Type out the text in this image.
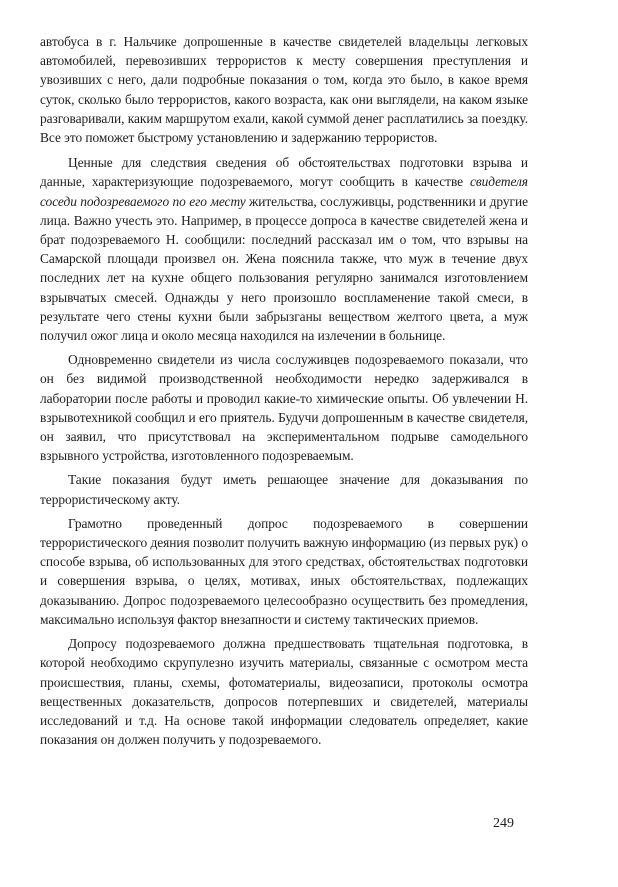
автобуса в г. Нальчике допрошенные в качестве свидетелей владельцы легковых автомобилей, перевозивших террористов к месту совершения преступления и увозивших с него, дали подробные показания о том, когда это было, в какое время суток, сколько было террористов, какого возраста, как они выглядели, на каком языке разговаривали, каким маршрутом ехали, какой суммой денег расплатились за поездку. Все это поможет быстрому установлению и задержанию террористов.

Ценные для следствия сведения об обстоятельствах подготовки взрыва и данные, характеризующие подозреваемого, могут сообщить в качестве свидетеля соседи подозреваемого по его месту жительства, сослуживцы, родственники и другие лица. Важно учесть это. Например, в процессе допроса в качестве свидетелей жена и брат подозреваемого Н. сообщили: последний рассказал им о том, что взрывы на Самарской площади произвел он. Жена пояснила также, что муж в течение двух последних лет на кухне общего пользования регулярно занимался изготовлением взрывчатых смесей. Однажды у него произошло воспламенение такой смеси, в результате чего стены кухни были забрызганы веществом желтого цвета, а муж получил ожог лица и около месяца находился на излечении в больнице.

Одновременно свидетели из числа сослуживцев подозреваемого показали, что он без видимой производственной необходимости нередко задерживался в лаборатории после работы и проводил какие-то химические опыты. Об увлечении Н. взрывотехникой сообщил и его приятель. Будучи допрошенным в качестве свидетеля, он заявил, что присутствовал на экспериментальном подрыве самодельного взрывного устройства, изготовленного подозреваемым.

Такие показания будут иметь решающее значение для доказывания по террористическому акту.

Грамотно проведенный допрос подозреваемого в совершении террористического деяния позволит получить важную информацию (из первых рук) о способе взрыва, об использованных для этого средствах, обстоятельствах подготовки и совершения взрыва, о целях, мотивах, иных обстоятельствах, подлежащих доказыванию. Допрос подозреваемого целесообразно осуществить без промедления, максимально используя фактор внезапности и систему тактических приемов.

Допросу подозреваемого должна предшествовать тщательная подготовка, в которой необходимо скрупулезно изучить материалы, связанные с осмотром места происшествия, планы, схемы, фотоматериалы, видеозаписи, протоколы осмотра вещественных доказательств, допросов потерпевших и свидетелей, материалы исследований и т.д. На основе такой информации следователь определяет, какие показания он должен получить у подозреваемого.

249
